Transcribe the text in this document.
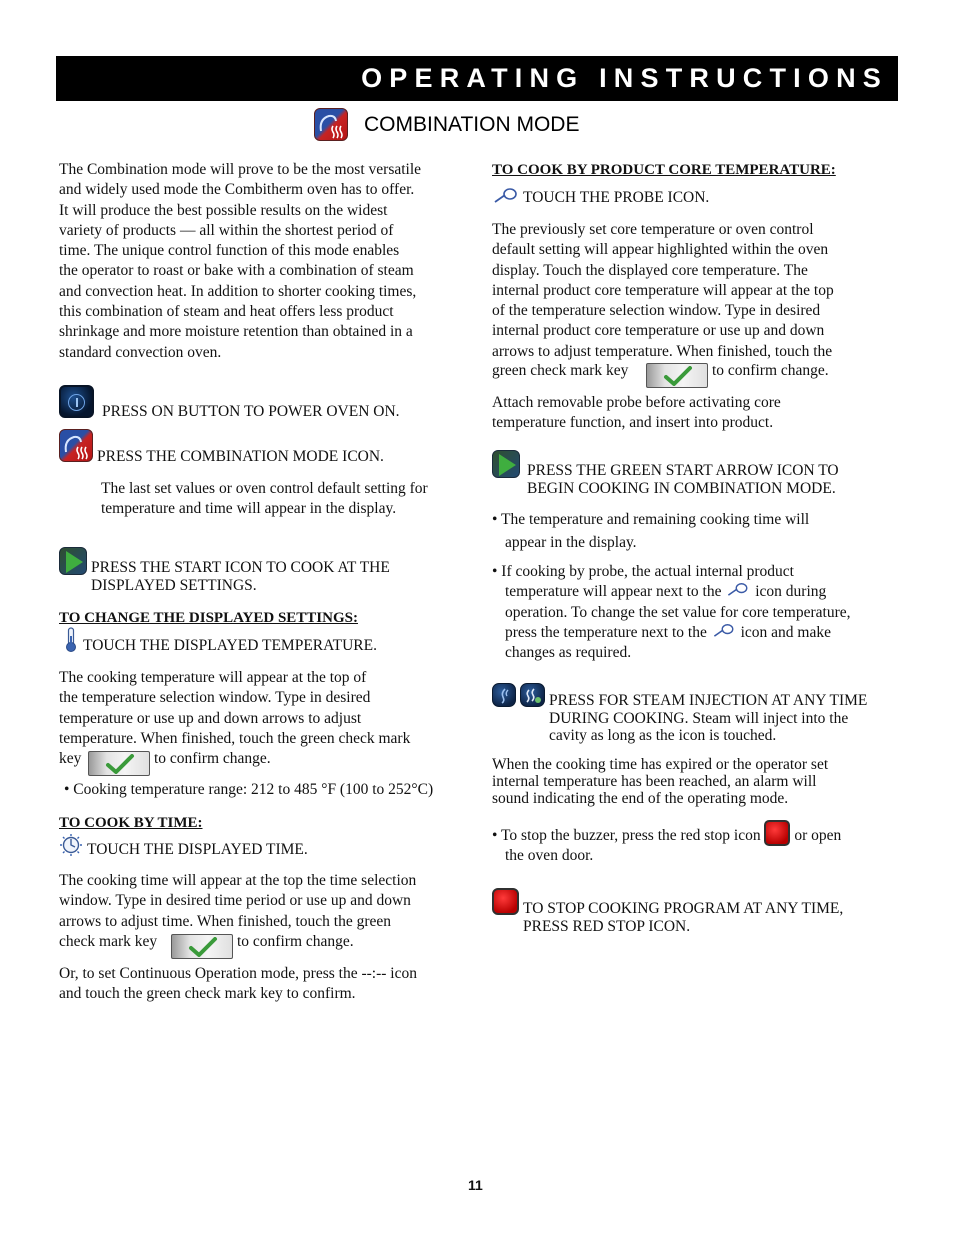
OPERATING INSTRUCTIONS
COMBINATION MODE
The Combination mode will prove to be the most versatile
and widely used mode the Combitherm oven has to offer.
It will produce the best possible results on the widest
variety of products — all within the shortest period of
time. The unique control function of this mode enables
the operator to roast or bake with a combination of steam
and convection heat. In addition to shorter cooking times,
this combination of steam and heat offers less product
shrinkage and more moisture retention than obtained in a
standard convection oven.
PRESS ON BUTTON TO POWER OVEN ON.
PRESS THE COMBINATION MODE ICON.
The last set values or oven control default setting for
temperature and time will appear in the display.
PRESS THE START ICON TO COOK AT THE
DISPLAYED SETTINGS.
TO CHANGE THE DISPLAYED SETTINGS:
TOUCH THE DISPLAYED TEMPERATURE.
The cooking temperature will appear at the top of
the temperature selection window. Type in desired
temperature or use up and down arrows to adjust
temperature. When finished, touch the green check mark
key	to confirm change.
• Cooking temperature range: 212 to 485 °F (100 to 252°C)
TO COOK BY TIME:
TOUCH THE DISPLAYED TIME.
The cooking time will appear at the top the time selection
window. Type in desired time period or use up and down
arrows to adjust time. When finished, touch the green
check mark key	to confirm change.
Or, to set Continuous Operation mode, press the --:-- icon
and touch the green check mark key to confirm.
TO COOK BY PRODUCT CORE TEMPERATURE:
TOUCH THE PROBE ICON.
The previously set core temperature or oven control
default setting will appear highlighted within the oven
display. Touch the displayed core temperature. The
internal product core temperature will appear at the top
of the temperature selection window. Type in desired
internal product core temperature or use up and down
arrows to adjust temperature. When finished, touch the
green check mark key	to confirm change.
Attach removable probe before activating core
temperature function, and insert into product.
PRESS THE GREEN START ARROW ICON TO
BEGIN COOKING IN COMBINATION MODE.
• The temperature and remaining cooking time will
appear in the display.
• If cooking by probe, the actual internal product
temperature will appear next to the icon during
operation. To change the set value for core temperature,
press the temperature next to the icon and make
changes as required.
PRESS FOR STEAM INJECTION AT ANY TIME
DURING COOKING. Steam will inject into the
cavity as long as the icon is touched.
When the cooking time has expired or the operator set
internal temperature has been reached, an alarm will
sound indicating the end of the operating mode.
• To stop the buzzer, press the red stop icon or open
the oven door.
TO STOP COOKING PROGRAM AT ANY TIME,
PRESS RED STOP ICON.
11
